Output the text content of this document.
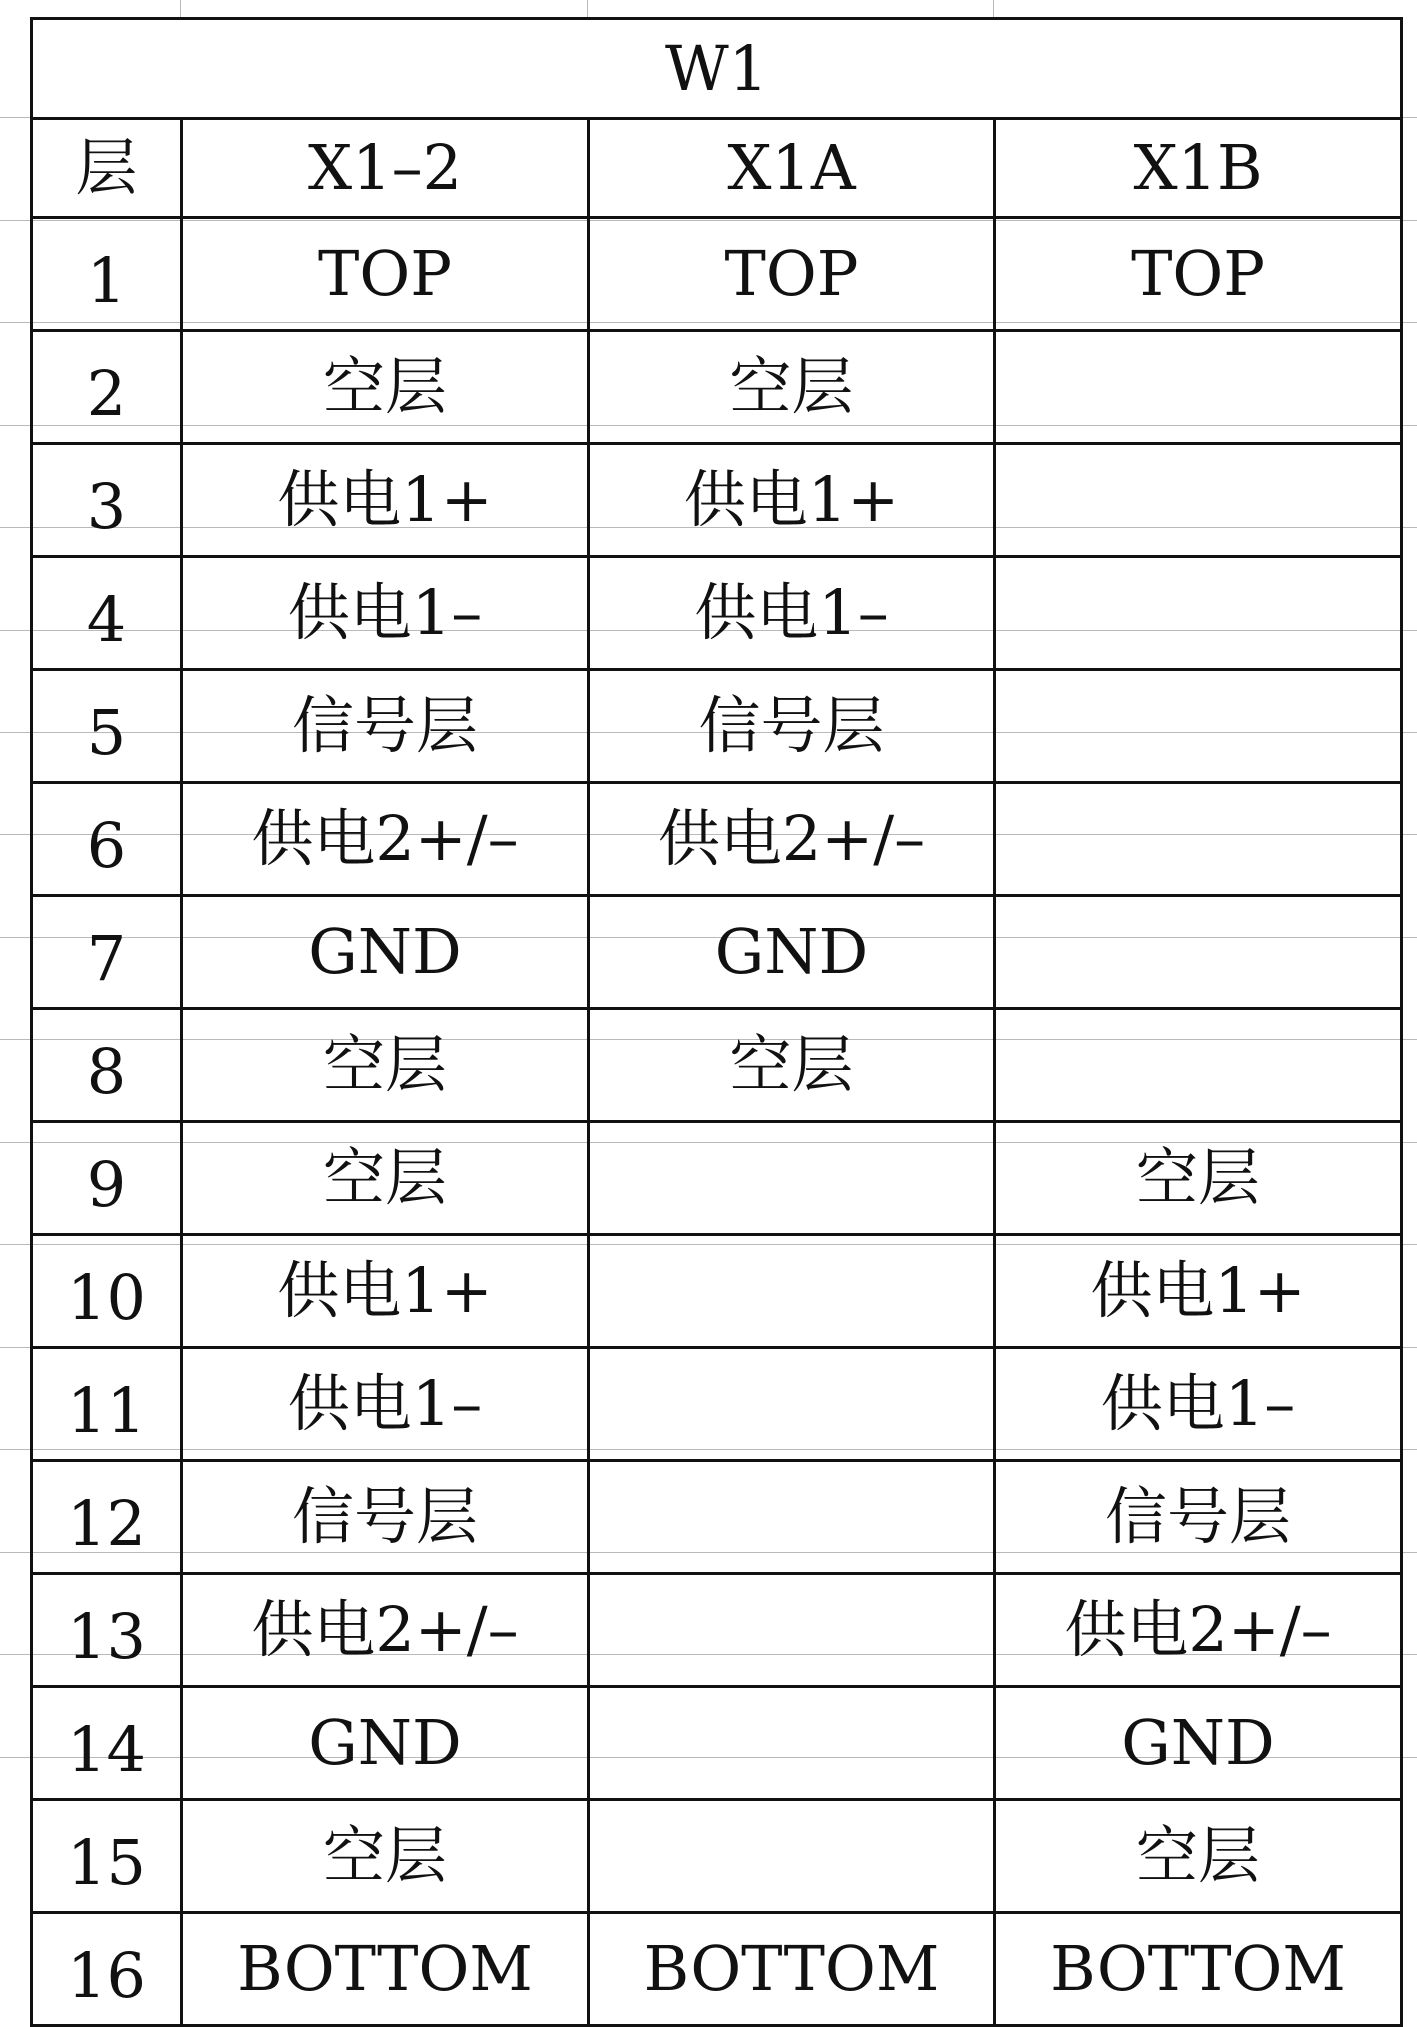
W1			
层	X1–2	X1A	X1B
1	TOP	TOP	TOP
2	空层	空层	
3	供电1+	供电1+	
4	供电1–	供电1–	
5	信号层	信号层	
6	供电2+/–	供电2+/–	
7	GND	GND	
8	空层	空层	
9	空层		空层
10	供电1+		供电1+
11	供电1–		供电1–
12	信号层		信号层
13	供电2+/–		供电2+/–
14	GND		GND
15	空层		空层
16	BOTTOM	BOTTOM	BOTTOM
